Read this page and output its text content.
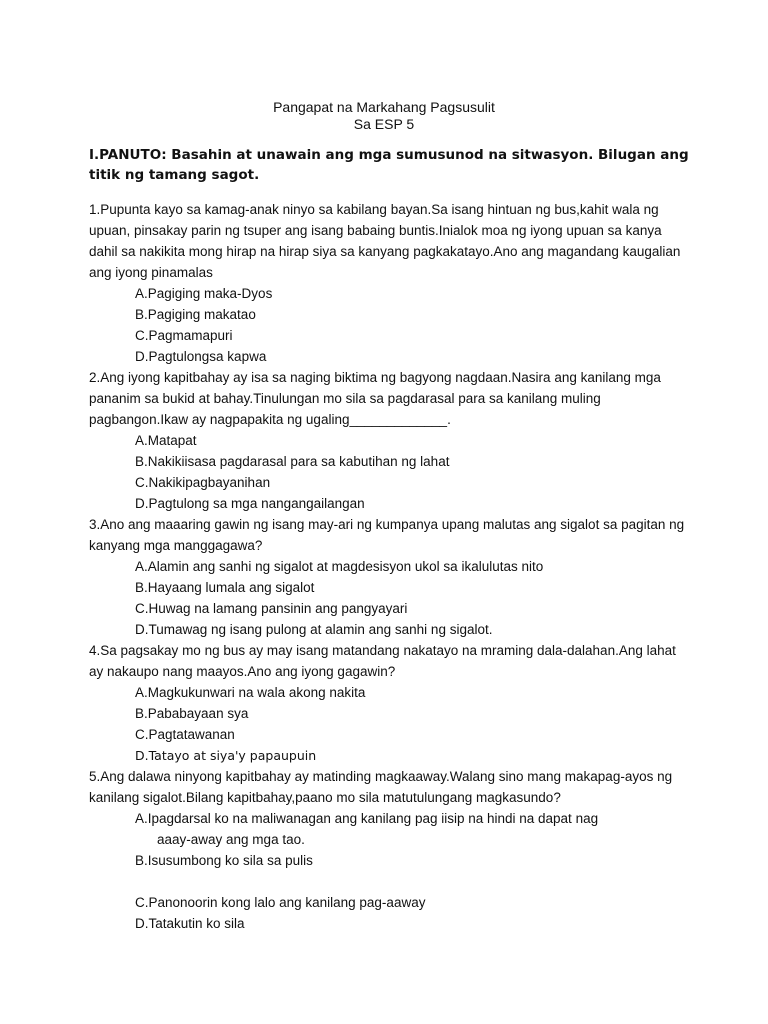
Pangapat na Markahang Pagsusulit
Sa ESP 5
I.PANUTO: Basahin at unawain ang mga sumusunod na sitwasyon. Bilugan ang titik ng tamang sagot.

1.Pupunta kayo sa kamag-anak ninyo sa kabilang bayan.Sa isang hintuan ng bus,kahit wala ng upuan, pinsakay parin ng tsuper ang isang babaing buntis.Inialok moa ng iyong upuan sa kanya dahil sa nakikita mong hirap na hirap siya sa kanyang pagkakatayo.Ano ang magandang kaugalian ang iyong pinamalas

A.Pagiging maka-Dyos

B.Pagiging makatao

C.Pagmamapuri

D.Pagtulongsa kapwa

2.Ang iyong kapitbahay ay isa sa naging biktima ng bagyong nagdaan.Nasira ang kanilang mga pananim sa bukid at bahay.Tinulungan mo sila sa pagdarasal para sa kanilang muling pagbangon.Ikaw ay nagpapakita ng ugaling_____________.

A.Matapat

B.Nakikiisasa pagdarasal para sa kabutihan ng lahat

C.Nakikipagbayanihan

D.Pagtulong sa mga nangangailangan

3.Ano ang maaaring gawin ng isang may-ari ng kumpanya upang malutas ang sigalot sa pagitan ng kanyang mga manggagawa?

A.Alamin ang sanhi ng sigalot at magdesisyon ukol sa ikalulutas nito

B.Hayaang lumala ang sigalot

C.Huwag na lamang pansinin ang pangyayari

D.Tumawag ng isang pulong at alamin ang sanhi ng sigalot.

4.Sa pagsakay mo ng bus ay may isang matandang nakatayo na mraming dala-dalahan.Ang lahat ay nakaupo nang maayos.Ano ang iyong gagawin?

A.Magkukunwari na wala akong nakita

B.Pababayaan sya

C.Pagtatawanan

D.Tatayo at siya'y papaupuin

5.Ang dalawa ninyong kapitbahay ay matinding magkaaway.Walang sino mang makapag-ayos ng kanilang sigalot.Bilang kapitbahay,paano mo sila matutulungang magkasundo?

A.Ipagdarsal ko na maliwanagan ang kanilang pag iisip na hindi na dapat nag

aaay-away ang mga tao.

B.Isusumbong ko sila sa pulis

C.Panonoorin kong lalo ang kanilang pag-aaway

D.Tatakutin ko sila
